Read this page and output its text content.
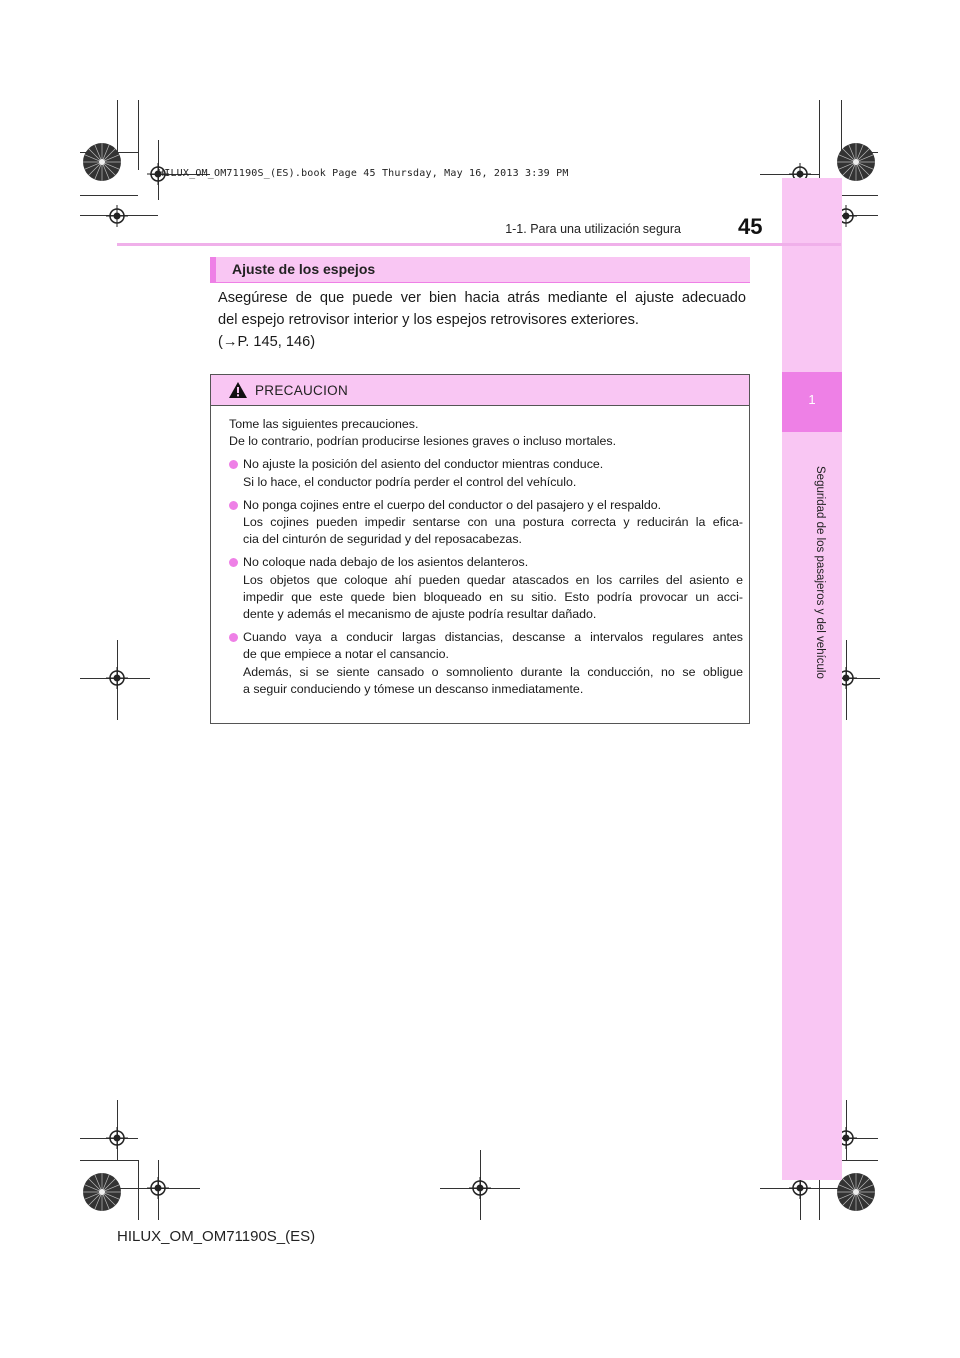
1
Seguridad de los pasajeros y del vehículo
HILUX_OM_OM71190S_(ES).book Page 45 Thursday, May 16, 2013 3:39 PM
1-1. Para una utilización segura	45
Ajuste de los espejos
Asegúrese de que puede ver bien hacia atrás mediante el ajuste adecuado
del espejo retrovisor interior y los espejos retrovisores exteriores.
(→P. 145, 146)
PRECAUCION
Tome las siguientes precauciones.
De lo contrario, podrían producirse lesiones graves o incluso mortales.
No ajuste la posición del asiento del conductor mientras conduce.
Si lo hace, el conductor podría perder el control del vehículo.
No ponga cojines entre el cuerpo del conductor o del pasajero y el respaldo.
Los cojines pueden impedir sentarse con una postura correcta y reducirán la efica-
cia del cinturón de seguridad y del reposacabezas.
No coloque nada debajo de los asientos delanteros.
Los objetos que coloque ahí pueden quedar atascados en los carriles del asiento e
impedir que este quede bien bloqueado en su sitio. Esto podría provocar un acci-
dente y además el mecanismo de ajuste podría resultar dañado.
Cuando vaya a conducir largas distancias, descanse a intervalos regulares antes
de que empiece a notar el cansancio.
Además, si se siente cansado o somnoliento durante la conducción, no se obligue
a seguir conduciendo y tómese un descanso inmediatamente.
HILUX_OM_OM71190S_(ES)
